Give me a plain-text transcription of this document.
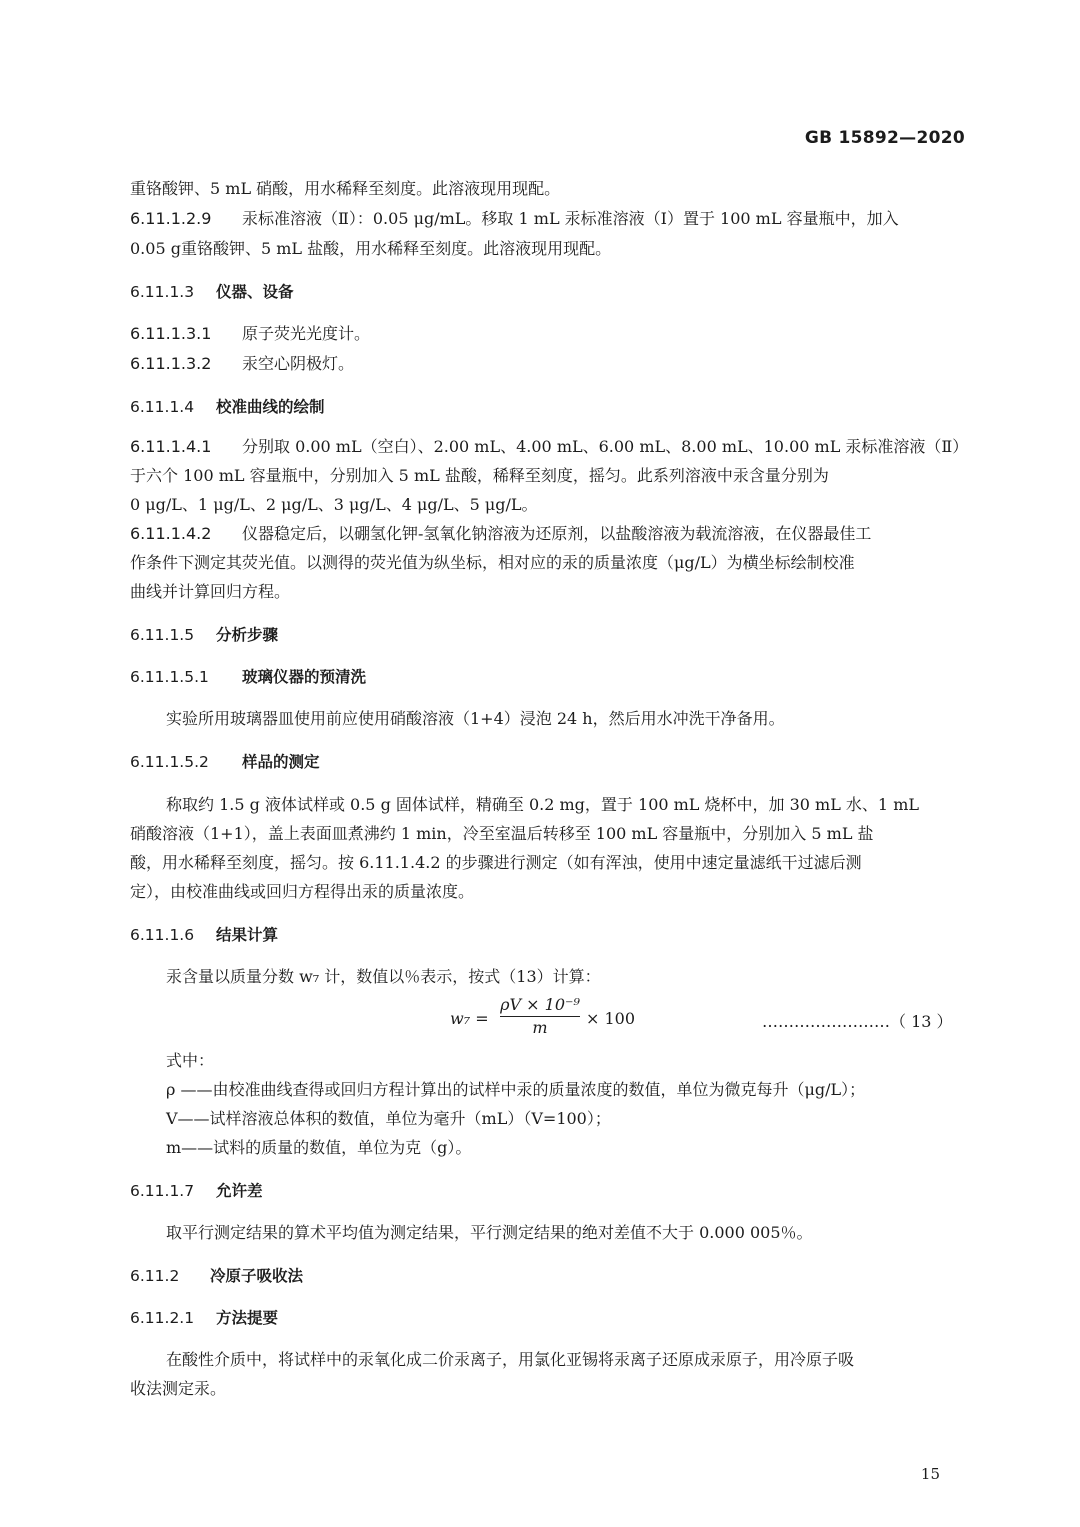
GB 15892—2020
重铬酸钾、5 mL 硝酸，用水稀释至刻度。此溶液现用现配。
6.11.1.2.9 汞标准溶液（Ⅱ）：0.05 μg/mL。移取 1 mL 汞标准溶液（Ⅰ）置于 100 mL 容量瓶中，加入
0.05 g重铬酸钾、5 mL 盐酸，用水稀释至刻度。此溶液现用现配。
6.11.1.3 仪器、设备
6.11.1.3.1 原子荧光光度计。
6.11.1.3.2 汞空心阴极灯。
6.11.1.4 校准曲线的绘制
6.11.1.4.1 分别取 0.00 mL（空白）、2.00 mL、4.00 mL、6.00 mL、8.00 mL、10.00 mL 汞标准溶液（Ⅱ）
于六个 100 mL 容量瓶中，分别加入 5 mL 盐酸，稀释至刻度，摇匀。此系列溶液中汞含量分别为
0 μg/L、1 μg/L、2 μg/L、3 μg/L、4 μg/L、5 μg/L。
6.11.1.4.2 仪器稳定后，以硼氢化钾-氢氧化钠溶液为还原剂，以盐酸溶液为载流溶液，在仪器最佳工
作条件下测定其荧光值。以测得的荧光值为纵坐标，相对应的汞的质量浓度（μg/L）为横坐标绘制校准
曲线并计算回归方程。
6.11.1.5 分析步骤
6.11.1.5.1 玻璃仪器的预清洗
实验所用玻璃器皿使用前应使用硝酸溶液（1+4）浸泡 24 h，然后用水冲洗干净备用。
6.11.1.5.2 样品的测定
称取约 1.5 g 液体试样或 0.5 g 固体试样，精确至 0.2 mg，置于 100 mL 烧杯中，加 30 mL 水、1 mL
硝酸溶液（1+1），盖上表面皿煮沸约 1 min，冷至室温后转移至 100 mL 容量瓶中，分别加入 5 mL 盐
酸，用水稀释至刻度，摇匀。按 6.11.1.4.2 的步骤进行测定（如有浑浊，使用中速定量滤纸干过滤后测
定），由校准曲线或回归方程得出汞的质量浓度。
6.11.1.6 结果计算
汞含量以质量分数 w₇ 计，数值以％表示，按式（13）计算：
w₇ =
ρV × 10⁻⁹
m	× 100	……………………（ 13 ）
式中：
ρ ——由校准曲线查得或回归方程计算出的试样中汞的质量浓度的数值，单位为微克每升（μg/L）；
V——试样溶液总体积的数值，单位为毫升（mL）（V=100）；
m——试料的质量的数值，单位为克（g）。
6.11.1.7 允许差
取平行测定结果的算术平均值为测定结果，平行测定结果的绝对差值不大于 0.000 005％。
6.11.2 冷原子吸收法
6.11.2.1 方法提要
在酸性介质中，将试样中的汞氧化成二价汞离子，用氯化亚锡将汞离子还原成汞原子，用冷原子吸
收法测定汞。
15
